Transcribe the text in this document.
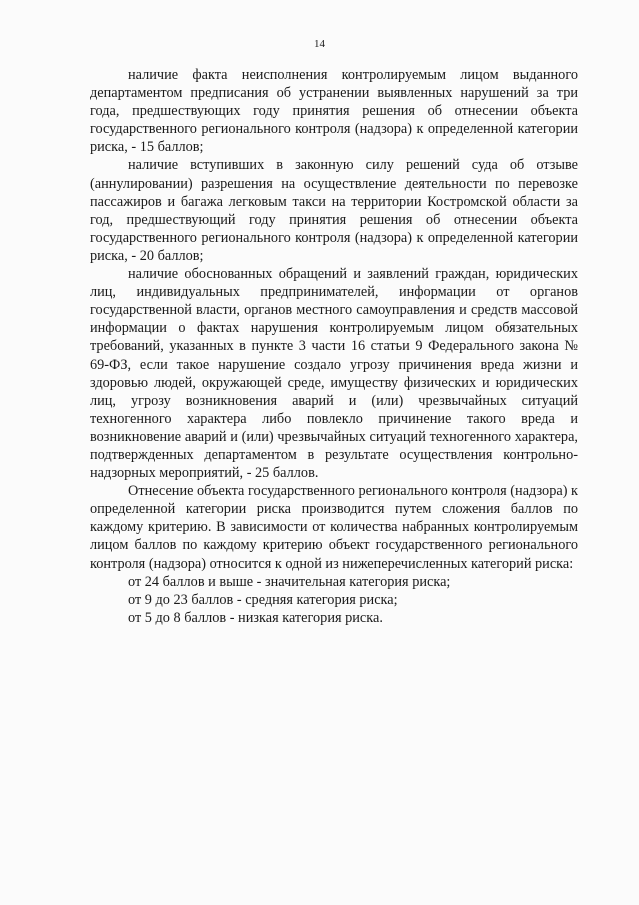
14

наличие факта неисполнения контролируемым лицом выданного департаментом предписания об устранении выявленных нарушений за три года, предшествующих году принятия решения об отнесении объекта государственного регионального контроля (надзора) к определенной категории риска, - 15 баллов;

наличие вступивших в законную силу решений суда об отзыве (аннулировании) разрешения на осуществление деятельности по перевозке пассажиров и багажа легковым такси на территории Костромской области за год, предшествующий году принятия решения об отнесении объекта государственного регионального контроля (надзора) к определенной категории риска, - 20 баллов;

наличие обоснованных обращений и заявлений граждан, юридических лиц, индивидуальных предпринимателей, информации от органов государственной власти, органов местного самоуправления и средств массовой информации о фактах нарушения контролируемым лицом обязательных требований, указанных в пункте 3 части 16 статьи 9 Федерального закона № 69-ФЗ, если такое нарушение создало угрозу причинения вреда жизни и здоровью людей, окружающей среде, имуществу физических и юридических лиц, угрозу возникновения аварий и (или) чрезвычайных ситуаций техногенного характера либо повлекло причинение такого вреда и возникновение аварий и (или) чрезвычайных ситуаций техногенного характера, подтвержденных департаментом в результате осуществления контрольно-надзорных мероприятий, - 25 баллов.

Отнесение объекта государственного регионального контроля (надзора) к определенной категории риска производится путем сложения баллов по каждому критерию. В зависимости от количества набранных контролируемым лицом баллов по каждому критерию объект государственного регионального контроля (надзора) относится к одной из нижеперечисленных категорий риска:

от 24 баллов и выше - значительная категория риска;

от 9 до 23 баллов - средняя категория риска;

от 5 до 8 баллов - низкая категория риска.
